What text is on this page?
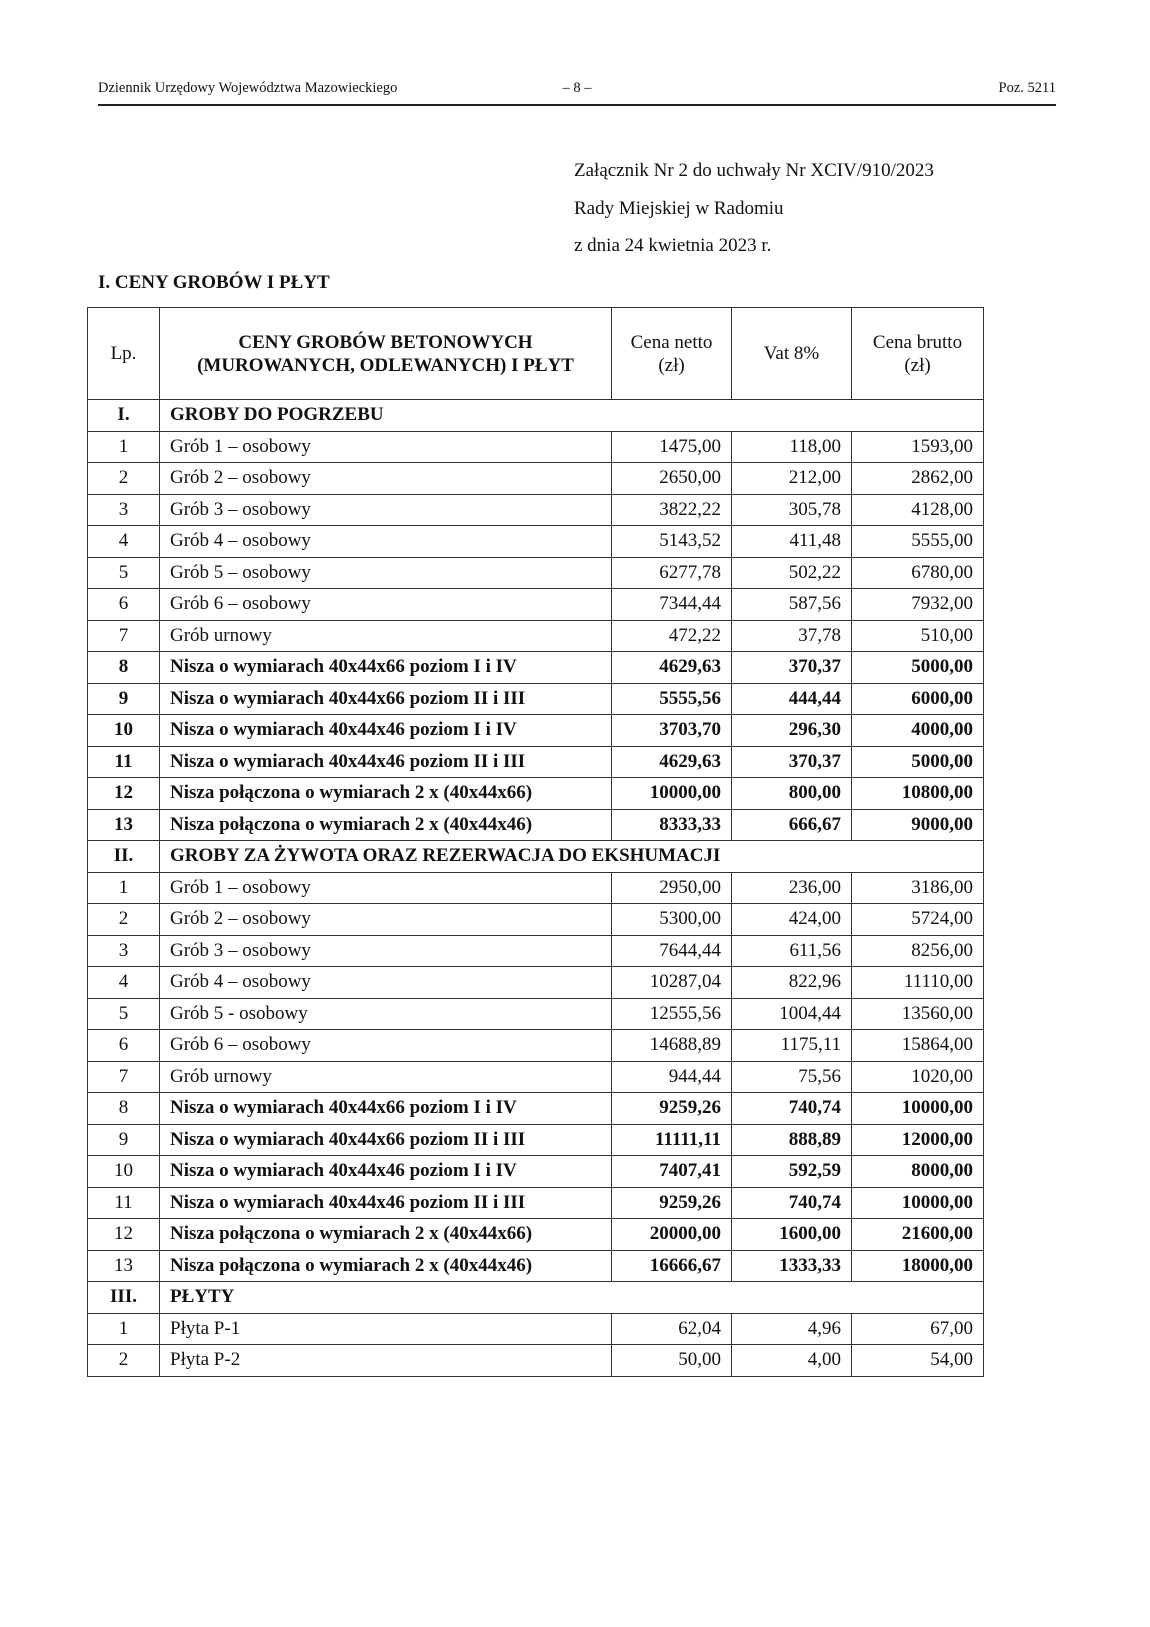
Dziennik Urzędowy Województwa Mazowieckiego	– 8 –	Poz. 5211
Załącznik Nr 2 do uchwały Nr XCIV/910/2023
Rady Miejskiej w Radomiu
z dnia 24 kwietnia 2023 r.
I. CENY GROBÓW I PŁYT
Lp.	CENY GROBÓW BETONOWYCH (MUROWANYCH, ODLEWANYCH) I PŁYT	Cena netto (zł)	Vat 8%	Cena brutto (zł)
I.	GROBY DO POGRZEBU			
1	Grób 1 – osobowy	1475,00	118,00	1593,00
2	Grób 2 – osobowy	2650,00	212,00	2862,00
3	Grób 3 – osobowy	3822,22	305,78	4128,00
4	Grób 4 – osobowy	5143,52	411,48	5555,00
5	Grób 5 – osobowy	6277,78	502,22	6780,00
6	Grób 6 – osobowy	7344,44	587,56	7932,00
7	Grób urnowy	472,22	37,78	510,00
8	Nisza o wymiarach 40x44x66 poziom I i IV	4629,63	370,37	5000,00
9	Nisza o wymiarach 40x44x66 poziom II i III	5555,56	444,44	6000,00
10	Nisza o wymiarach 40x44x46 poziom I i IV	3703,70	296,30	4000,00
11	Nisza o wymiarach 40x44x46 poziom II i III	4629,63	370,37	5000,00
12	Nisza połączona o wymiarach 2 x (40x44x66)	10000,00	800,00	10800,00
13	Nisza połączona o wymiarach 2 x (40x44x46)	8333,33	666,67	9000,00
II.	GROBY ZA ŻYWOTA ORAZ REZERWACJA DO EKSHUMACJI			
1	Grób 1 – osobowy	2950,00	236,00	3186,00
2	Grób 2 – osobowy	5300,00	424,00	5724,00
3	Grób 3 – osobowy	7644,44	611,56	8256,00
4	Grób 4 – osobowy	10287,04	822,96	11110,00
5	Grób 5 - osobowy	12555,56	1004,44	13560,00
6	Grób 6 – osobowy	14688,89	1175,11	15864,00
7	Grób urnowy	944,44	75,56	1020,00
8	Nisza o wymiarach 40x44x66 poziom I i IV	9259,26	740,74	10000,00
9	Nisza o wymiarach 40x44x66 poziom II i III	11111,11	888,89	12000,00
10	Nisza o wymiarach 40x44x46 poziom I i IV	7407,41	592,59	8000,00
11	Nisza o wymiarach 40x44x46 poziom II i III	9259,26	740,74	10000,00
12	Nisza połączona o wymiarach 2 x (40x44x66)	20000,00	1600,00	21600,00
13	Nisza połączona o wymiarach 2 x (40x44x46)	16666,67	1333,33	18000,00
III.	PŁYTY			
1	Płyta P-1	62,04	4,96	67,00
2	Płyta P-2	50,00	4,00	54,00
